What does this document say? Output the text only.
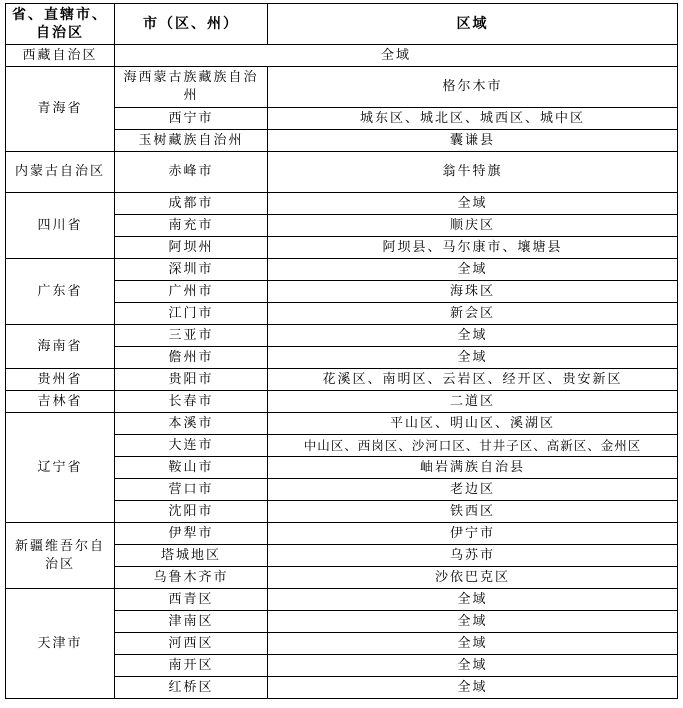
省、直辖市、自治区	市（区、州）	区域
西藏自治区	全域	
青海省	海西蒙古族藏族自治州	格尔木市
	西宁市	城东区、城北区、城西区、城中区
	玉树藏族自治州	囊谦县
内蒙古自治区	赤峰市	翁牛特旗
四川省	成都市	全域
	南充市	顺庆区
	阿坝州	阿坝县、马尔康市、壤塘县
广东省	深圳市	全域
	广州市	海珠区
	江门市	新会区
海南省	三亚市	全域
	儋州市	全域
贵州省	贵阳市	花溪区、南明区、云岩区、经开区、贵安新区
吉林省	长春市	二道区
辽宁省	本溪市	平山区、明山区、溪湖区
	大连市	中山区、西岗区、沙河口区、甘井子区、高新区、金州区
	鞍山市	岫岩满族自治县
	营口市	老边区
	沈阳市	铁西区
新疆维吾尔自治区	伊犁市	伊宁市
	塔城地区	乌苏市
	乌鲁木齐市	沙依巴克区
天津市	西青区	全域
	津南区	全域
	河西区	全域
	南开区	全域
	红桥区	全域
